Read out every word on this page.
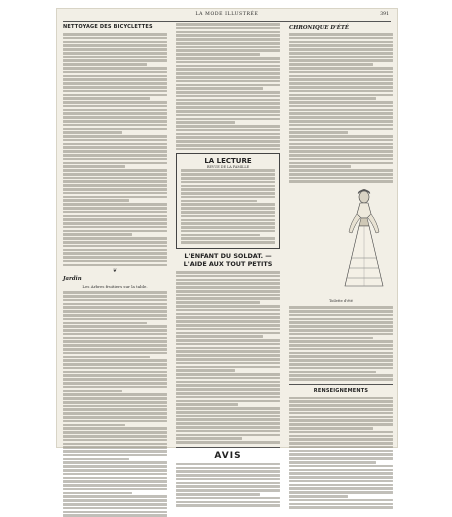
LA MODE ILLUSTRÉE	391
NETTOYAGE DES BICYCLETTES
❦
Jardin
Les Arbres fruitiers sur la table.
LA LECTURE
REVUE DE LA FAMILLE
L'ENFANT DU SOLDAT. — L'AIDE AUX TOUT PETITS
AVIS
CHRONIQUE D'ÉTÉ
Toilette d'été
RENSEIGNEMENTS
